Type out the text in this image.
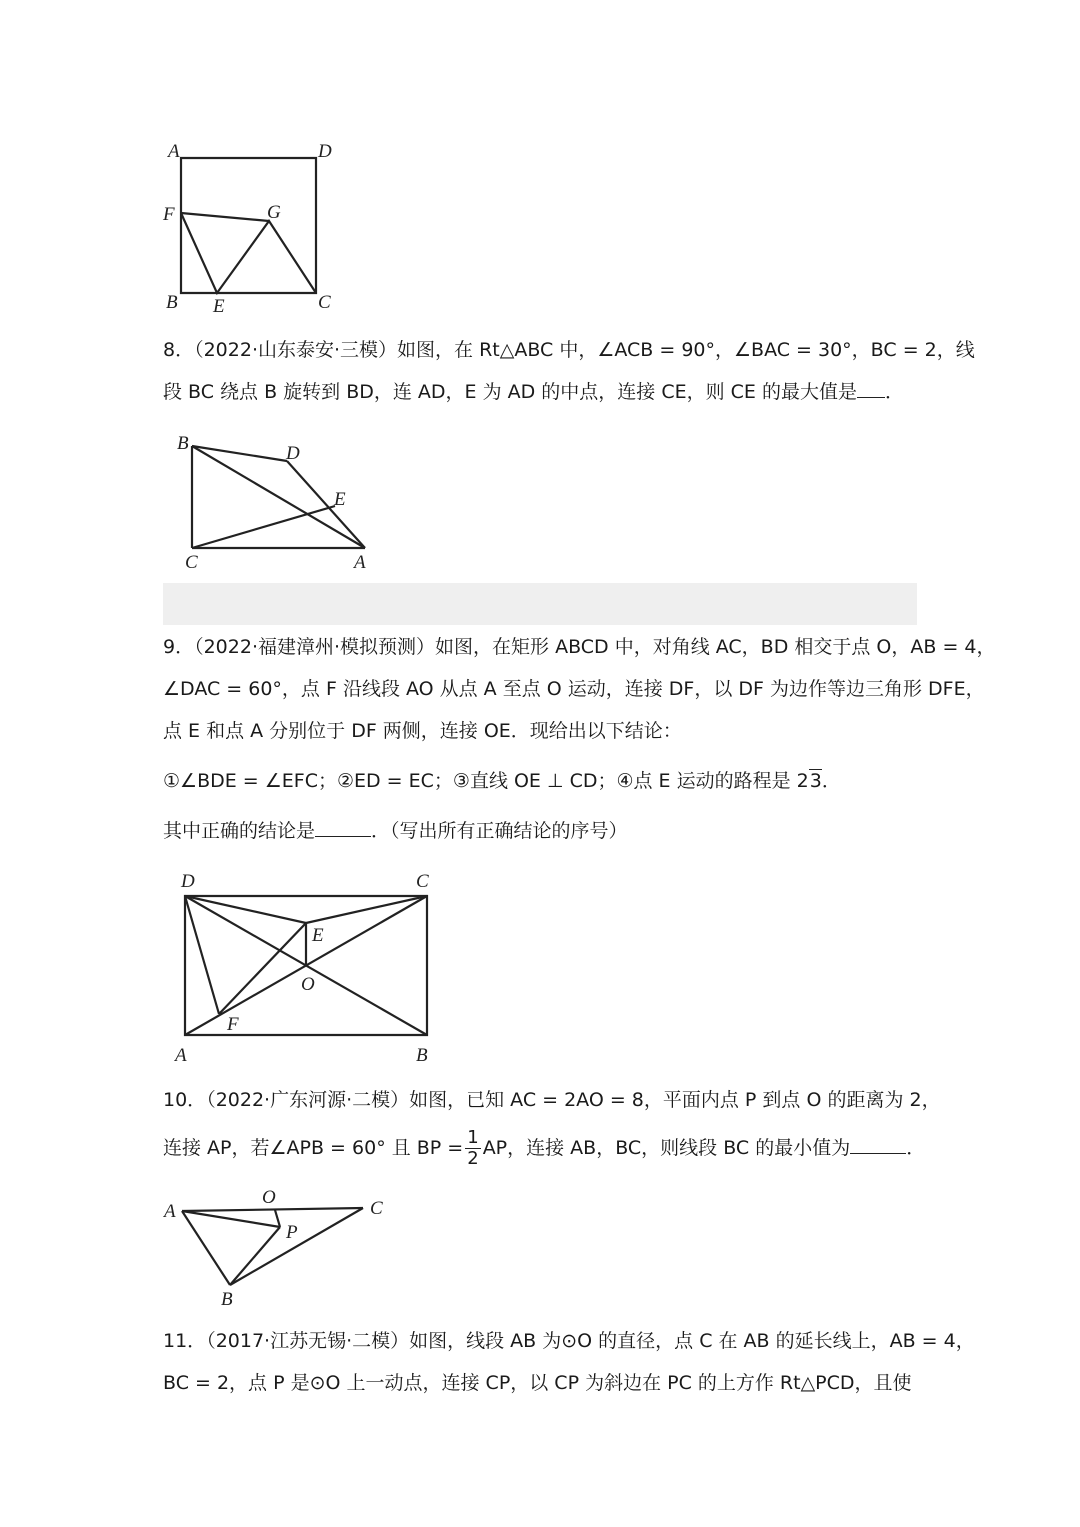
A	D
F	G
B E	C
8．（2022·山东泰安·三模）如图，在 Rt△ABC 中，∠ACB = 90°，∠BAC = 30°，BC = 2，线
段 BC 绕点 B 旋转到 BD，连 AD，E 为 AD 的中点，连接 CE，则 CE 的最大值是 ．
B	D
E
C	A
9．（2022·福建漳州·模拟预测）如图，在矩形 ABCD 中，对角线 AC，BD 相交于点 O，AB = 4，
∠DAC = 60°，点 F 沿线段 AO 从点 A 至点 O 运动，连接 DF，以 DF 为边作等边三角形 DFE，
点 E 和点 A 分别位于 DF 两侧，连接 OE．现给出以下结论：
①∠BDE = ∠EFC；②ED = EC；③直线 OE ⊥ CD；④点 E 运动的路程是 23．
其中正确的结论是	．（写出所有正确结论的序号）
D	C
E
O
F
A	B
10．（2022·广东河源·二模）如图，已知 AC = 2AO = 8，平面内点 P 到点 O 的距离为 2，
连接 AP，若∠APB = 60° 且 BP = $\frac{1}{2}$ AP，连接 AB，BC，则线段 BC 的最小值为	．
A
O
C
P
B
11．（2017·江苏无锡·二模）如图，线段 AB 为⊙O 的直径，点 C 在 AB 的延长线上，AB = 4，
BC = 2，点 P 是⊙O 上一动点，连接 CP，以 CP 为斜边在 PC 的上方作 Rt△PCD，且使
